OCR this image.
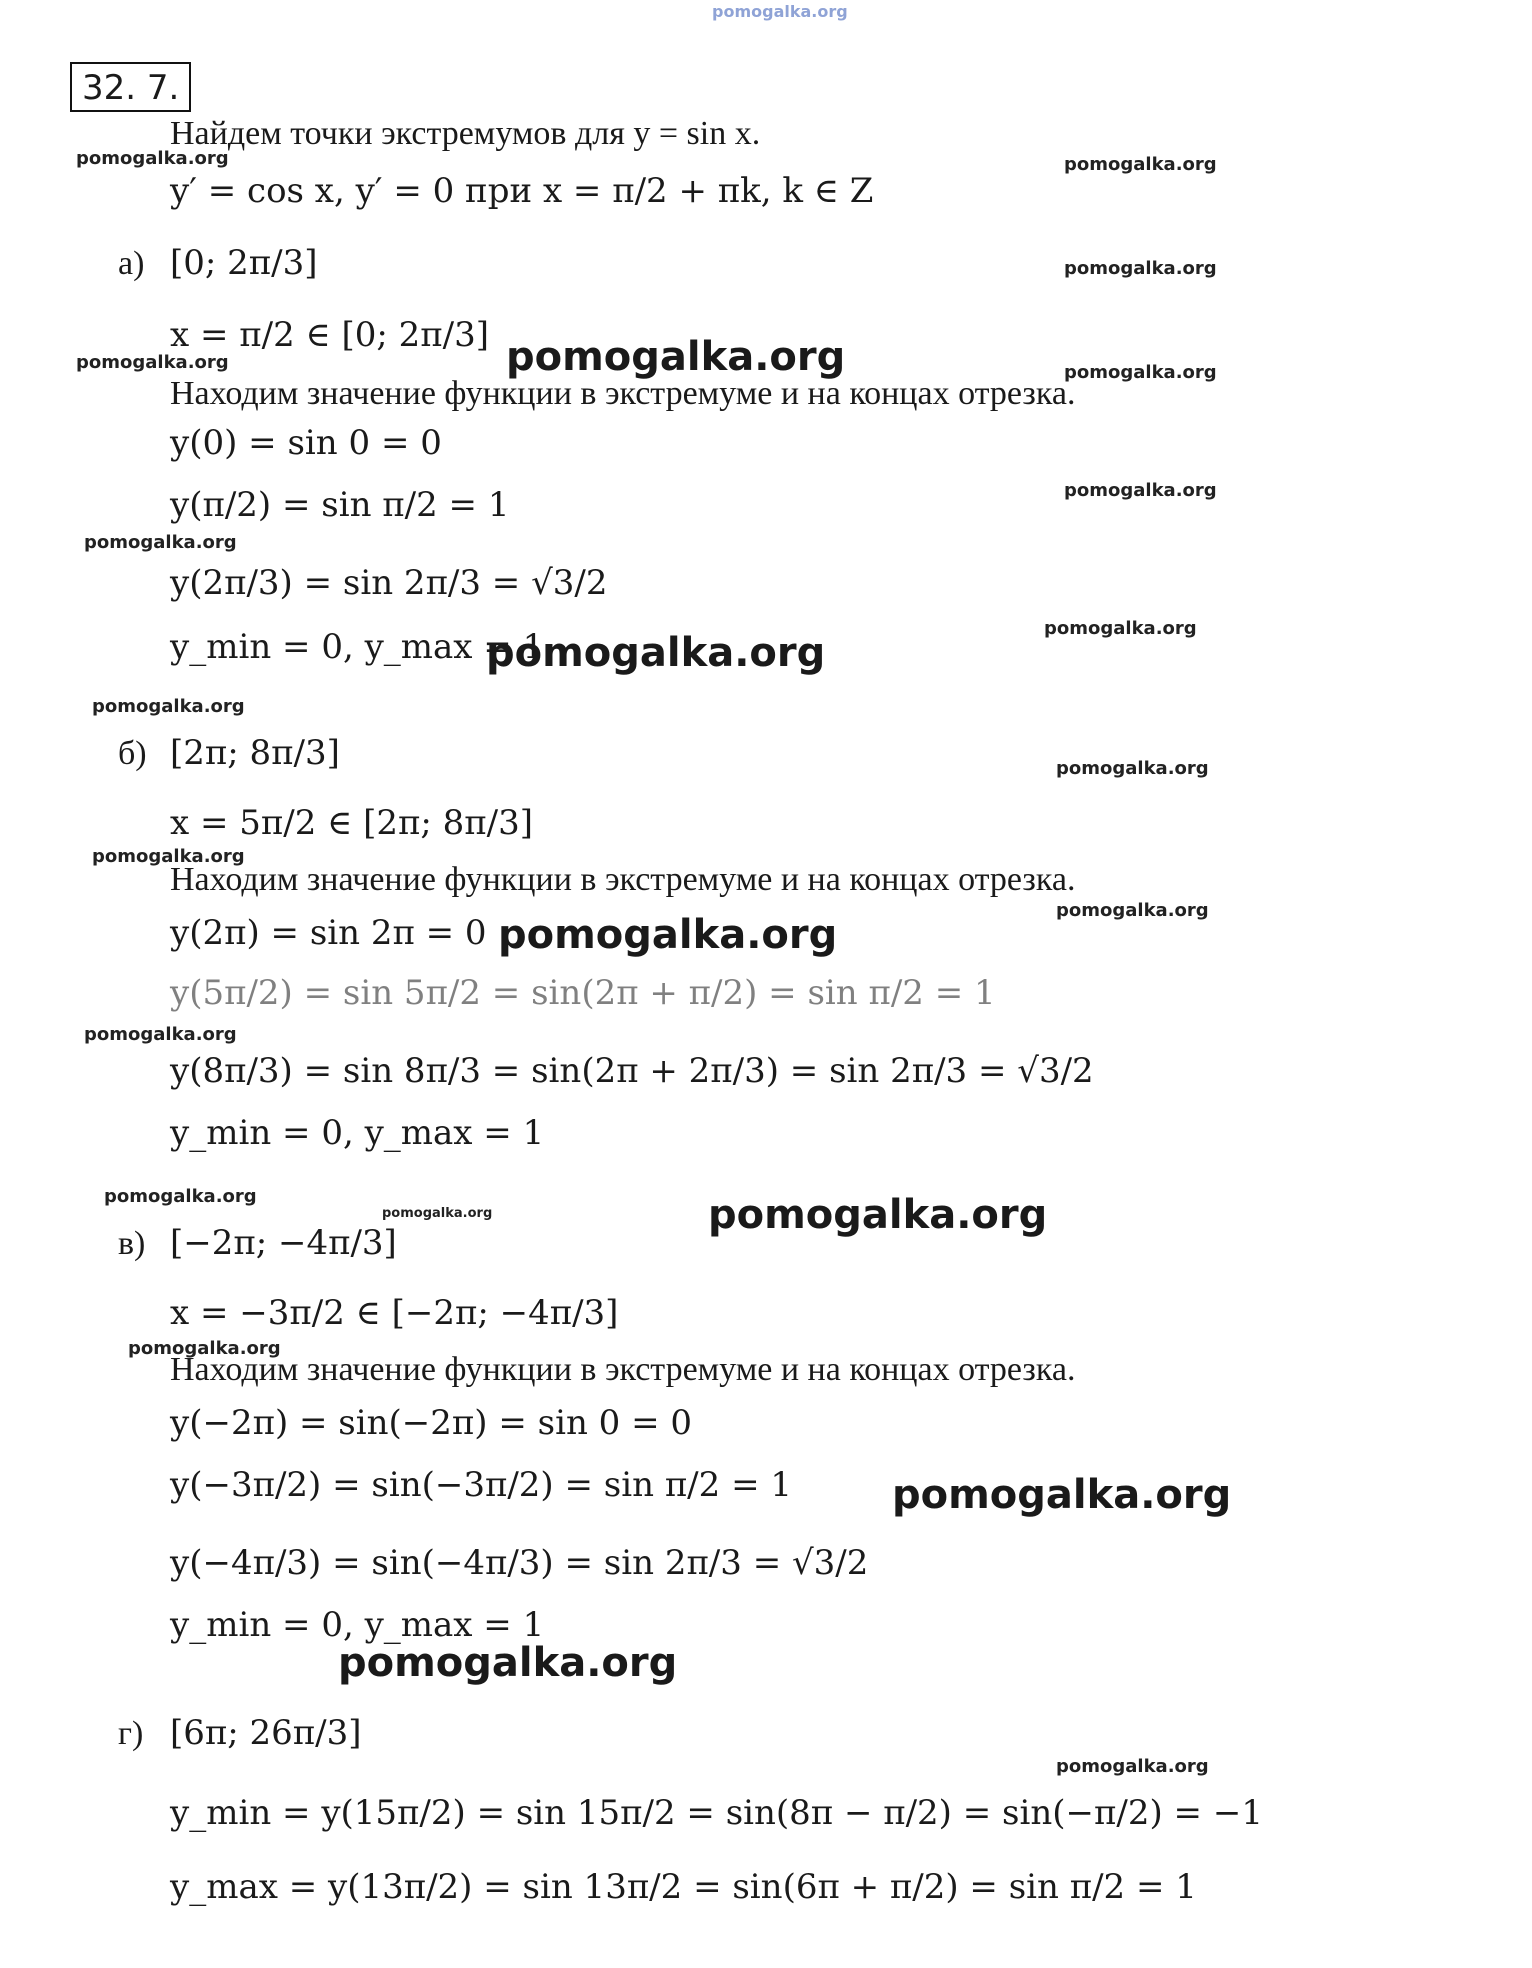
pomogalka.org
32. 7.
Найдем точки экстремумов для y = sin x.
y′ = cos x, y′ = 0 при x = π/2 + πk, k ∈ Z
а) [0; 2π/3]
x = π/2 ∈ [0; 2π/3]
Находим значение функции в экстремуме и на концах отрезка.
y(0) = sin 0 = 0
y(π/2) = sin π/2 = 1
y(2π/3) = sin 2π/3 = √3/2
y_min = 0, y_max = 1
б) [2π; 8π/3]
x = 5π/2 ∈ [2π; 8π/3]
Находим значение функции в экстремуме и на концах отрезка.
y(2π) = sin 2π = 0
y(5π/2) = sin 5π/2 = sin(2π + π/2) = sin π/2 = 1
y(8π/3) = sin 8π/3 = sin(2π + 2π/3) = sin 2π/3 = √3/2
y_min = 0, y_max = 1
в) [−2π; −4π/3]
x = −3π/2 ∈ [−2π; −4π/3]
Находим значение функции в экстремуме и на концах отрезка.
y(−2π) = sin(−2π) = sin 0 = 0
y(−3π/2) = sin(−3π/2) = sin π/2 = 1
y(−4π/3) = sin(−4π/3) = sin 2π/3 = √3/2
y_min = 0, y_max = 1
г) [6π; 26π/3]
y_min = y(15π/2) = sin 15π/2 = sin(8π − π/2) = sin(−π/2) = −1
y_max = y(13π/2) = sin 13π/2 = sin(6π + π/2) = sin π/2 = 1
pomogalka.org	pomogalka.org
pomogalka.org
pomogalka.org	pomogalka.org
pomogalka.org
pomogalka.org
pomogalka.org
pomogalka.org
pomogalka.org
pomogalka.org
pomogalka.org
pomogalka.org
pomogalka.org
pomogalka.org
pomogalka.org
pomogalka.org
pomogalka.org
pomogalka.org
pomogalka.org
pomogalka.org
pomogalka.org
pomogalka.org
